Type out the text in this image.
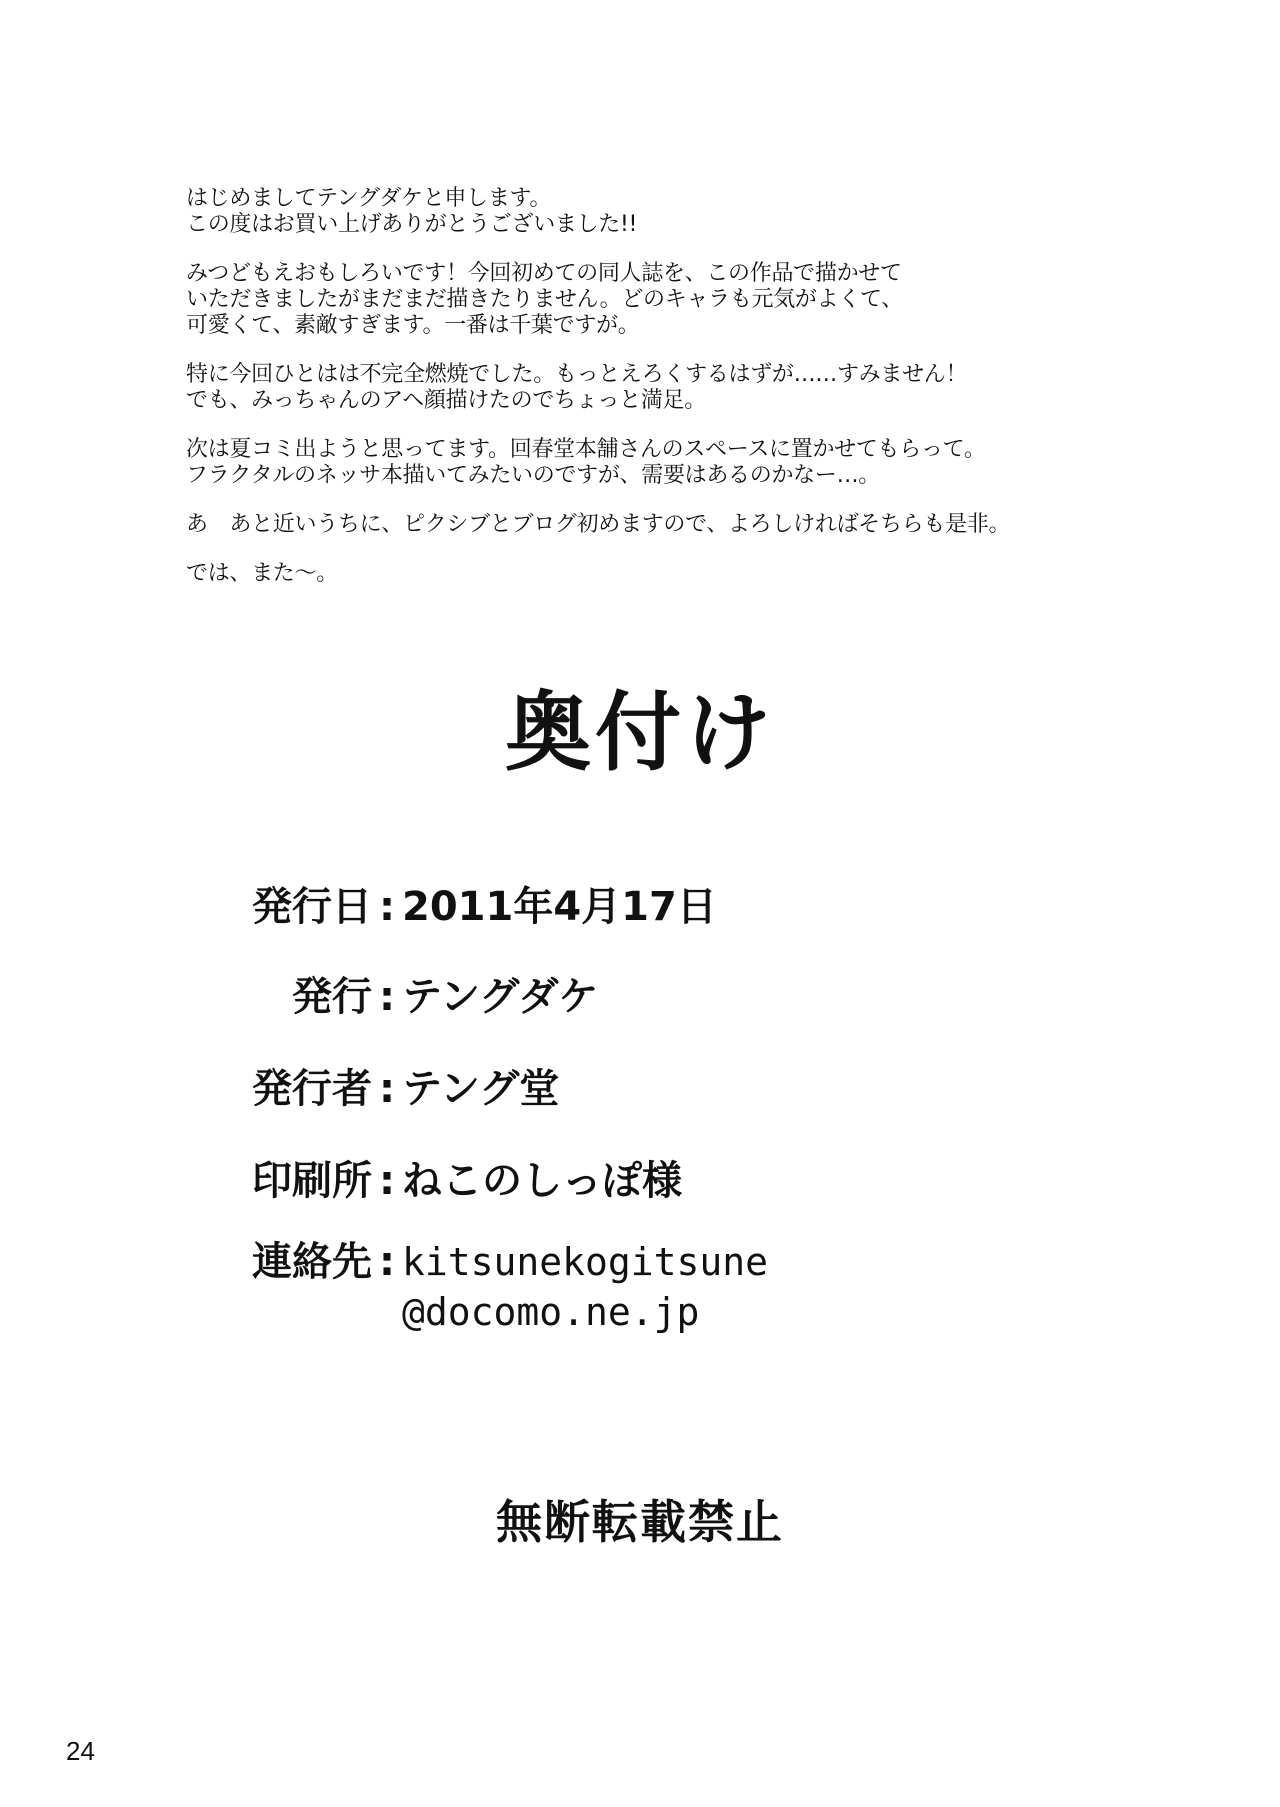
はじめましてテングダケと申します。
この度はお買い上げありがとうございました!!

みつどもえおもしろいです！今回初めての同人誌を、この作品で描かせて
いただきましたがまだまだ描きたりません。どのキャラも元気がよくて、
可愛くて、素敵すぎます。一番は千葉ですが。

特に今回ひとはは不完全燃焼でした。もっとえろくするはずが……すみません！
でも、みっちゃんのアヘ顔描けたのでちょっと満足。

次は夏コミ出ようと思ってます。回春堂本舗さんのスペースに置かせてもらって。
フラクタルのネッサ本描いてみたいのですが、需要はあるのかなー…。

あ　あと近いうちに、ピクシブとブログ初めますので、よろしければそちらも是非。

では、また〜。

奥付け
発行日 : 2011年4月17日
発行 : テングダケ
発行者 : テング堂
印刷所 : ねこのしっぽ様
連絡先 : kitsunekogitsune
@docomo.ne.jp
無断転載禁止
24
